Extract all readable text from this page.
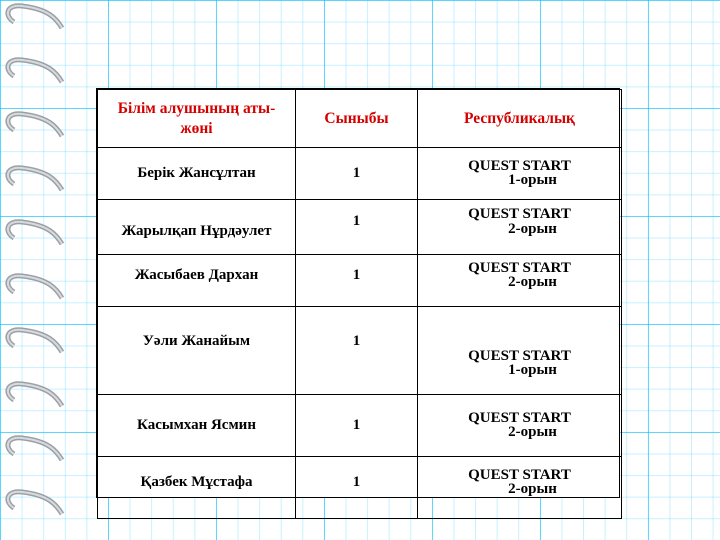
Білім алушының аты-жөні	Сыныбы	Республикалық
Берік Жансұлтан	1	QUEST START
1-орын

Жарылқап Нұрдәулет	1	QUEST START
2-орын

Жасыбаев Дархан	1	QUEST START
2-орын

Уәли Жанайым	1	QUEST START
1-орын

Касымхан Ясмин	1	QUEST START
2-орын

Қазбек Мұстафа	1	QUEST START
2-орын
